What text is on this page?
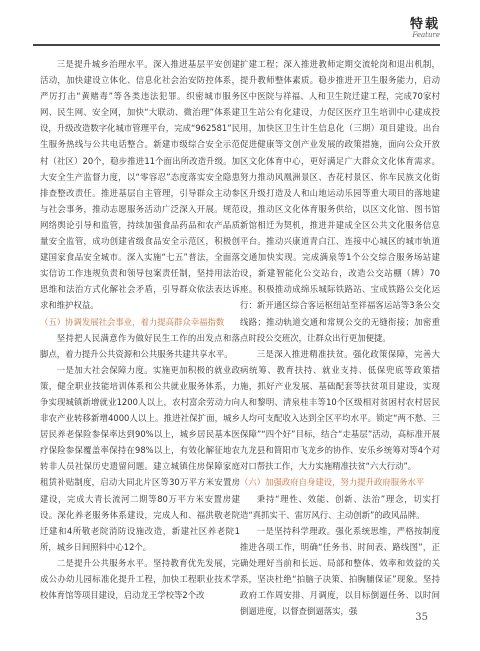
特载
Feature

三是提升城乡治理水平。深入推进基层平安创建活动，加快建设立体化、信息化社会治安防控体系，严厉打击“黄赌毒”等各类违法犯罪。织密城市服务网、民生网、安全网，加快“大联动、微治理”体系建设，升级改造数字化城市管理平台，完成“962581”民生服务热线与公共电话整合。新建市级综合安全示范村（社区）20个，稳步推进11个面出所改造升级。加大安全生产监督力度，以“零容忍”态度落实安全隐患排查整改责任。推进基层自主管理，引导群众主动参与社会事务，推动志愿服务活动广泛深入开展。规范网络舆论引导和监管，持续加强食品药品和农产品质量安全监管，成功创建省级食品安全示范区，积极创建国家食品安全城市。深入实施“七五”普法，全面落实信访工作违规负责和领导包案责任制，坚持用法治思维和法治方式化解社会矛盾，引导群众依法表达诉求和维护权益。

（五）协调发展社会事业，着力提高群众幸福指数

坚持把人民满意作为做好民生工作的出发点和落脚点，着力提升公共资源和公共服务共建共享水平。

一是加大社会保障力度。实施更加积极的就业政策，健全职业技能培训体系和公共就业服务体系，力争实现城镇新增就业1200人以上，农村富余劳动力向非农产业转移新增4000人以上。推进社保扩面，城乡居民养老保险参保率达到90%以上，城乡居民基本医疗保险参保覆盖率保持在98%以上，有效化解征地农转非人员社保历史遗留问题。建立城镇住房保障家庭租赁补贴制度，启动大同北片区等30万平方米安置房建设，完成大青长流河二期等80万平方米安置房建设。深化养老服务体系建设，完成人和、福洪敬老院迁建和4所敬老院消防设施改造，新建社区养老院1所，城乡日间照料中心12个。

二是提升公共服务水平。坚持教育优先发展，完成公办幼儿园标准化提升工程，加快工程职业技术学校体育馆等项目建设，启动龙王学校等2个改

扩建工程；深入推进教师定期交流轮岗和退出机制，提升教师整体素质。稳步推进开卫生服务能力，启动区中医院与祥福、人和卫生院迁建工程，完成70家村卫生站公有化建设，力促区医疗卫生培训中心建成投用，加快区卫生计生信息化（三期）项目建设。出台促进健康等文创产业发展的政策措施，面向公众开放区文化体育中心，更好满足广大群众文化体育需求。努力推动风凰洲景区、杏花村景区、你车民族文化街区升级打造及人和山地运动乐园等重大项目的落地建设，推动区文化体育服务供给，以区文化馆、图书馆新馆相迁为契机，推进并建成全区公共文化服务信息平台。推动兴康道青白江、连接中心城区的城市轨道交通加快实现。完成满泉等1个公交综合服务场站建设，新建智能化公交站台，改造公交站棚（牌）70座。积极推动成绵乐城际铁路站、宝成铁路公交化运行：新开通区综合客运枢纽站至祥福客运站等3条公交线路；推动轨道交通和常规公交的无缝衔接；加密重点时段公交班次，让群众出行更加便捷。

三是深入推进精准扶贫。强化政策保障，完善大病统筹、教育扶持、就业支持、低保兜底等政策措施，抓好产业发展、基础配套等扶贫项目建设，实现人和黎明、清泉桂丰等10个区级相对贫困村农村居民人均可支配收入达到全区平均水平。锁定“两不愁、三保障”“四个好”目标，结合“走基层”活动，高标准开展九龙县和简阳市飞龙乡的协作、安乐乡统筹对等4个对对口帮扶工作，大力实施精准扶贫“六大行动”。

（六）加强政府自身建设，努力提升政府服务水平

秉持“理性、效能、创新、法治”理念，切实打造“真抓实干、雷厉风行、主动创新”的政风品牌。

一是坚持科学理政。强化系统思维，严格按制度推进各项工作，明确“任务书、时间表、路线图”，正确处理好当前和长远、局部和整体、效率和效益的关系，坚决杜绝“拍脑子决策、拍胸脯保证”现象。坚持政府工作周安排、月调度，以目标倒逼任务、以时间倒逼进度，以督查倒逼落实，强

35
